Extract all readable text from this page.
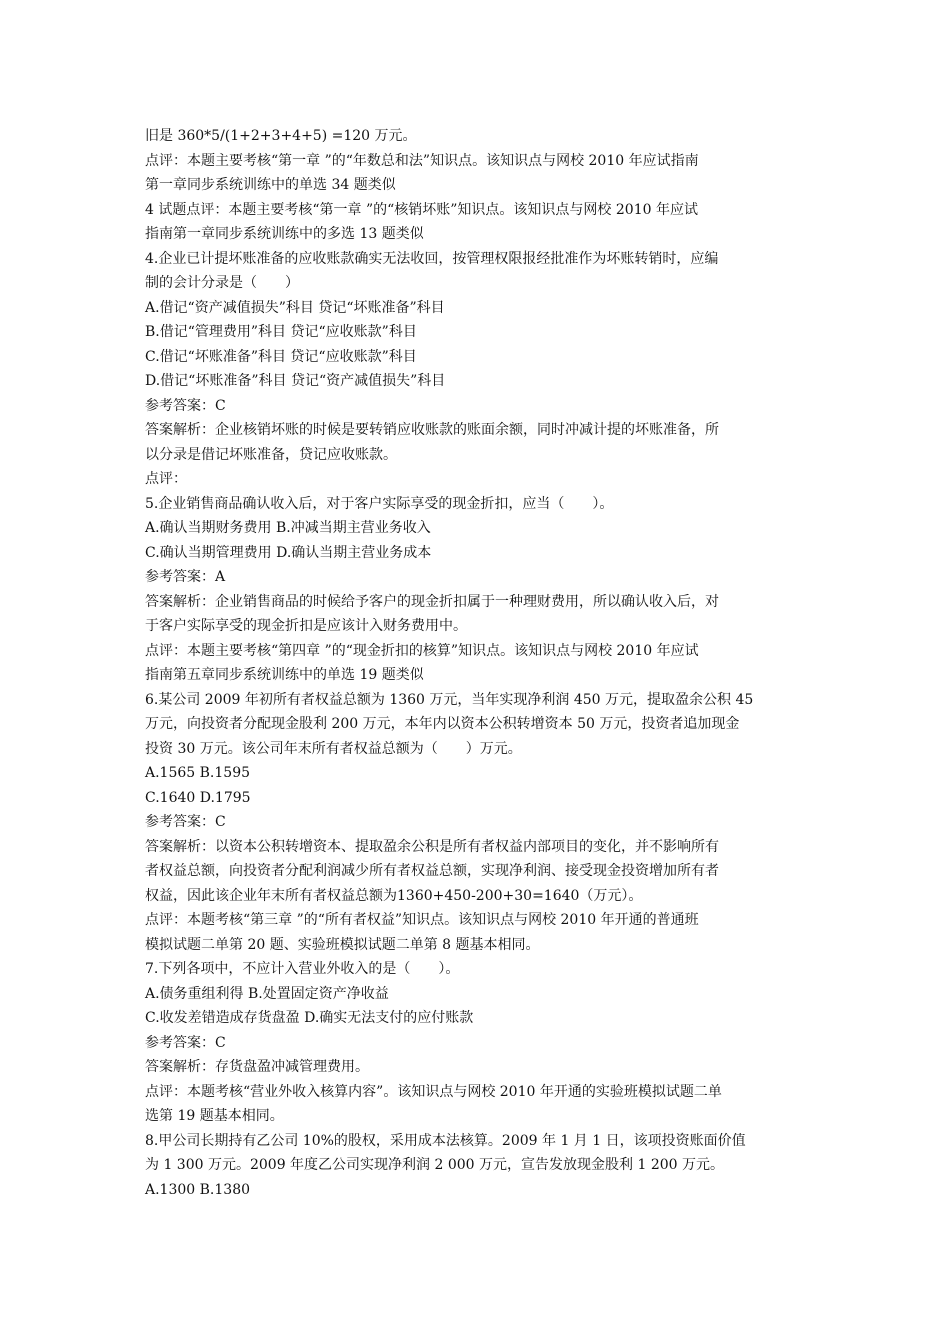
旧是 360*5/(1+2+3+4+5) =120 万元。

点评：本题主要考核“第一章 ”的“年数总和法”知识点。该知识点与网校 2010 年应试指南

第一章同步系统训练中的单选 34 题类似

4 试题点评：本题主要考核“第一章 ”的“核销坏账”知识点。该知识点与网校 2010 年应试

指南第一章同步系统训练中的多选 13 题类似

4.企业已计提坏账准备的应收账款确实无法收回，按管理权限报经批准作为坏账转销时，应编

制的会计分录是（　　）

A.借记“资产减值损失”科目 贷记“坏账准备”科目

B.借记“管理费用”科目 贷记“应收账款”科目

C.借记“坏账准备”科目 贷记“应收账款”科目

D.借记“坏账准备”科目 贷记“资产减值损失”科目

参考答案：C

答案解析：企业核销坏账的时候是要转销应收账款的账面余额，同时冲减计提的坏账准备，所

以分录是借记坏账准备，贷记应收账款。

点评：

5.企业销售商品确认收入后，对于客户实际享受的现金折扣，应当（　　）。

A.确认当期财务费用 B.冲减当期主营业务收入

C.确认当期管理费用 D.确认当期主营业务成本

参考答案：A

答案解析：企业销售商品的时候给予客户的现金折扣属于一种理财费用，所以确认收入后，对

于客户实际享受的现金折扣是应该计入财务费用中。

点评：本题主要考核“第四章 ”的“现金折扣的核算”知识点。该知识点与网校 2010 年应试

指南第五章同步系统训练中的单选 19 题类似

6.某公司 2009 年初所有者权益总额为 1360 万元，当年实现净利润 450 万元，提取盈余公积 45

万元，向投资者分配现金股利 200 万元，本年内以资本公积转增资本 50 万元，投资者追加现金

投资 30 万元。该公司年末所有者权益总额为（　　）万元。

A.1565 B.1595

C.1640 D.1795

参考答案：C

答案解析：以资本公积转增资本、提取盈余公积是所有者权益内部项目的变化，并不影响所有

者权益总额，向投资者分配利润减少所有者权益总额，实现净利润、接受现金投资增加所有者

权益，因此该企业年末所有者权益总额为1360+450-200+30=1640（万元）。

点评：本题考核“第三章 ”的“所有者权益”知识点。该知识点与网校 2010 年开通的普通班

模拟试题二单第 20 题、实验班模拟试题二单第 8 题基本相同。

7.下列各项中，不应计入营业外收入的是（　　）。

A.债务重组利得 B.处置固定资产净收益

C.收发差错造成存货盘盈 D.确实无法支付的应付账款

参考答案：C

答案解析：存货盘盈冲减管理费用。

点评：本题考核“营业外收入核算内容”。该知识点与网校 2010 年开通的实验班模拟试题二单

选第 19 题基本相同。

8.甲公司长期持有乙公司 10%的股权，采用成本法核算。2009 年 1 月 1 日，该项投资账面价值

为 1 300 万元。2009 年度乙公司实现净利润 2 000 万元，宣告发放现金股利 1 200 万元。

A.1300 B.1380
